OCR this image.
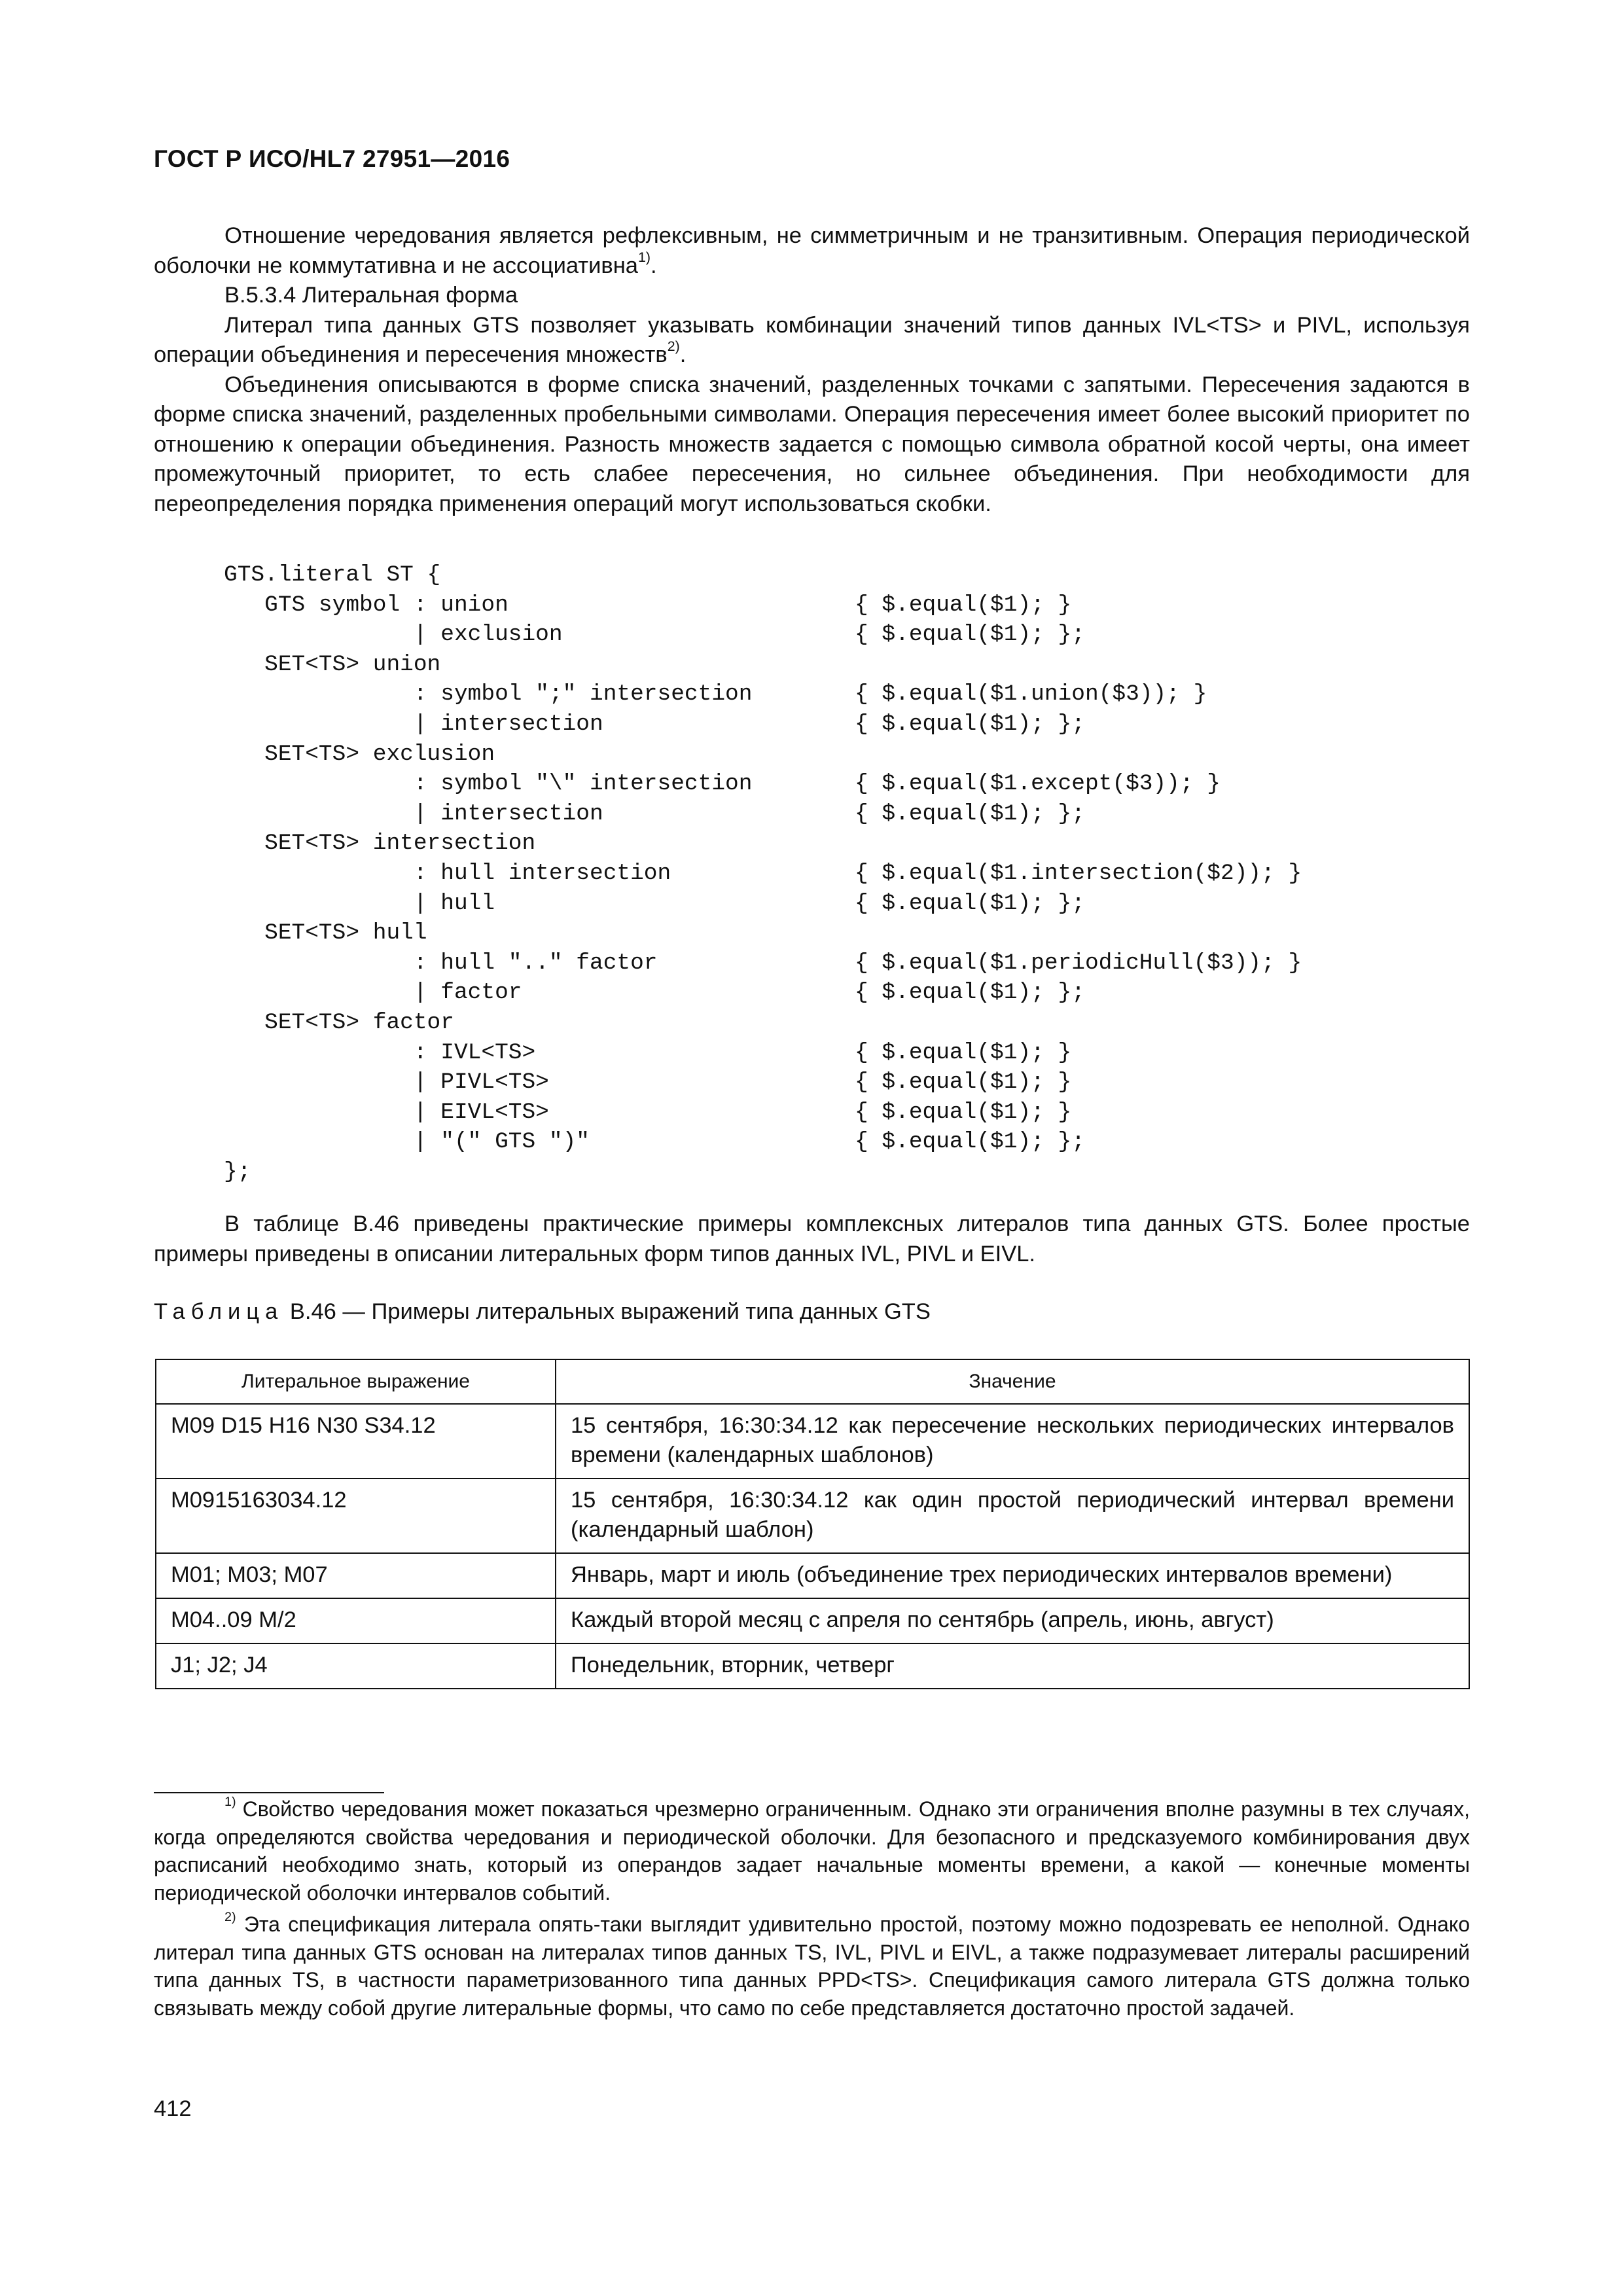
ГОСТ Р ИСО/HL7 27951—2016

Отношение чередования является рефлексивным, не симметричным и не транзитивным. Операция периодической оболочки не коммутативна и не ассоциативна$^{1)}$.

B.5.3.4 Литеральная форма

Литерал типа данных GTS позволяет указывать комбинации значений типов данных IVL<TS> и PIVL, используя операции объединения и пересечения множеств$^{2)}$.

Объединения описываются в форме списка значений, разделенных точками с запятыми. Пересечения задаются в форме списка значений, разделенных пробельными символами. Операция пересечения имеет более высокий приоритет по отношению к операции объединения. Разность множеств задается с помощью символа обратной косой черты, она имеет промежуточный приоритет, то есть слабее пересечения, но сильнее объединения. При необходимости для переопределения порядка применения операций могут использоваться скобки.

GTS.literal ST {
GTS symbol : union	{ $.equal($1); }
| exclusion	{ $.equal($1); };
SET<TS> union
: symbol ";" intersection	{ $.equal($1.union($3)); }
| intersection	{ $.equal($1); };
SET<TS> exclusion
: symbol "\" intersection	{ $.equal($1.except($3)); }
| intersection	{ $.equal($1); };
SET<TS> intersection
: hull intersection	{ $.equal($1.intersection($2)); }
| hull	{ $.equal($1); };
SET<TS> hull
: hull ".." factor	{ $.equal($1.periodicHull($3)); }
| factor	{ $.equal($1); };
SET<TS> factor
: IVL<TS>	{ $.equal($1); }
| PIVL<TS>	{ $.equal($1); }
| EIVL<TS>	{ $.equal($1); }
| "(" GTS ")"	{ $.equal($1); };
};

В таблице B.46 приведены практические примеры комплексных литералов типа данных GTS. Более простые примеры приведены в описании литеральных форм типов данных IVL, PIVL и EIVL.

Таблица B.46 — Примеры литеральных выражений типа данных GTS
Литеральное выражение	Значение
M09 D15 H16 N30 S34.12	15 сентября, 16:30:34.12 как пересечение нескольких периодических интервалов времени (календарных шаблонов)
M0915163034.12	15 сентября, 16:30:34.12 как один простой периодический интервал времени (календарный шаблон)
M01; M03; M07	Январь, март и июль (объединение трех периодических интервалов времени)
M04..09 M/2	Каждый второй месяц с апреля по сентябрь (апрель, июнь, август)
J1; J2; J4	Понедельник, вторник, четверг

$^{1)}$ Свойство чередования может показаться чрезмерно ограниченным. Однако эти ограничения вполне разумны в тех случаях, когда определяются свойства чередования и периодической оболочки. Для безопасного и предсказуемого комбинирования двух расписаний необходимо знать, который из операндов задает начальные моменты времени, а какой — конечные моменты периодической оболочки интервалов событий.

$^{2)}$ Эта спецификация литерала опять-таки выглядит удивительно простой, поэтому можно подозревать ее неполной. Однако литерал типа данных GTS основан на литералах типов данных TS, IVL, PIVL и EIVL, а также подразумевает литералы расширений типа данных TS, в частности параметризованного типа данных PPD<TS>. Спецификация самого литерала GTS должна только связывать между собой другие литеральные формы, что само по себе представляется достаточно простой задачей.

412
